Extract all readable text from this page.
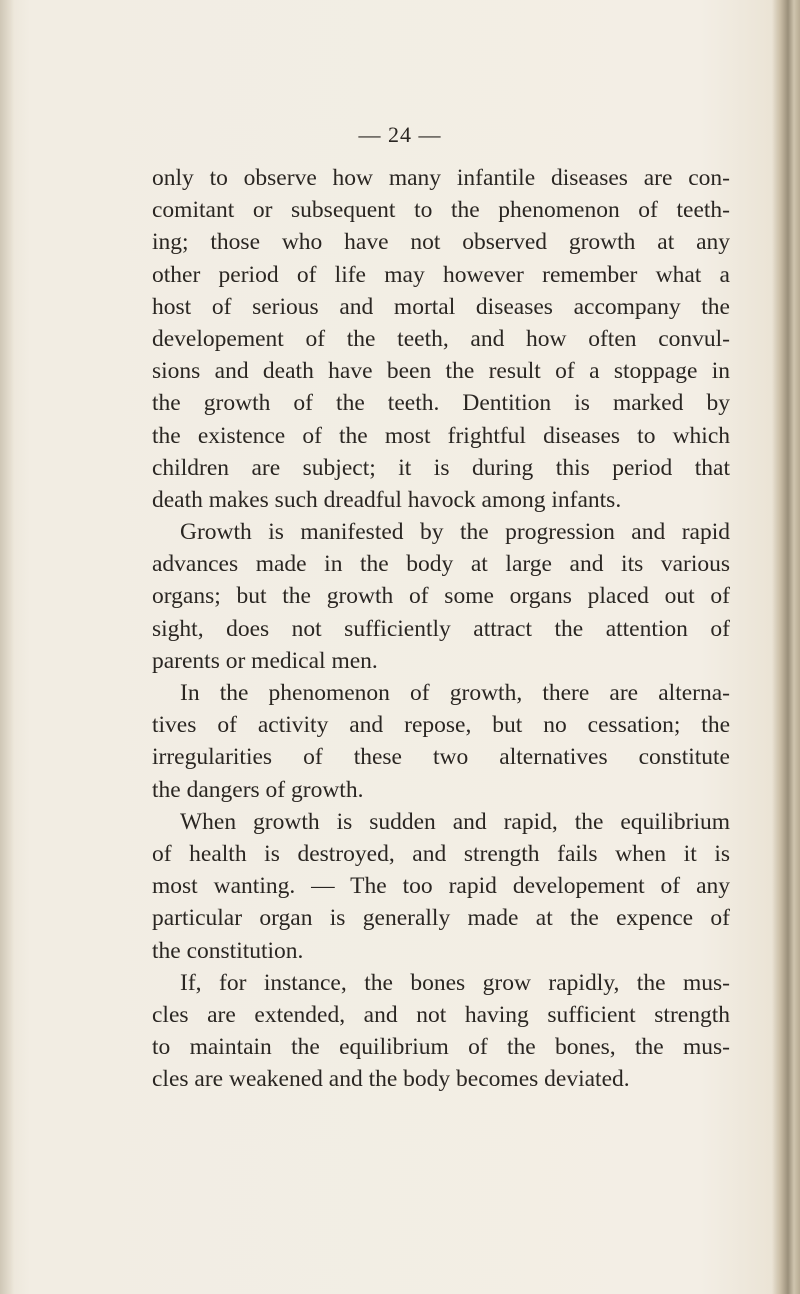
— 24 —
only to observe how many infantile diseases are con-
comitant or subsequent to the phenomenon of teeth-
ing; those who have not observed growth at any
other period of life may however remember what a
host of serious and mortal diseases accompany the
developement of the teeth, and how often convul-
sions and death have been the result of a stoppage in
the growth of the teeth. Dentition is marked by
the existence of the most frightful diseases to which
children are subject; it is during this period that
death makes such dreadful havock among infants.
Growth is manifested by the progression and rapid
advances made in the body at large and its various
organs; but the growth of some organs placed out of
sight, does not sufficiently attract the attention of
parents or medical men.
In the phenomenon of growth, there are alterna-
tives of activity and repose, but no cessation; the
irregularities of these two alternatives constitute
the dangers of growth.
When growth is sudden and rapid, the equilibrium
of health is destroyed, and strength fails when it is
most wanting. — The too rapid developement of any
particular organ is generally made at the expence of
the constitution.
If, for instance, the bones grow rapidly, the mus-
cles are extended, and not having sufficient strength
to maintain the equilibrium of the bones, the mus-
cles are weakened and the body becomes deviated.
